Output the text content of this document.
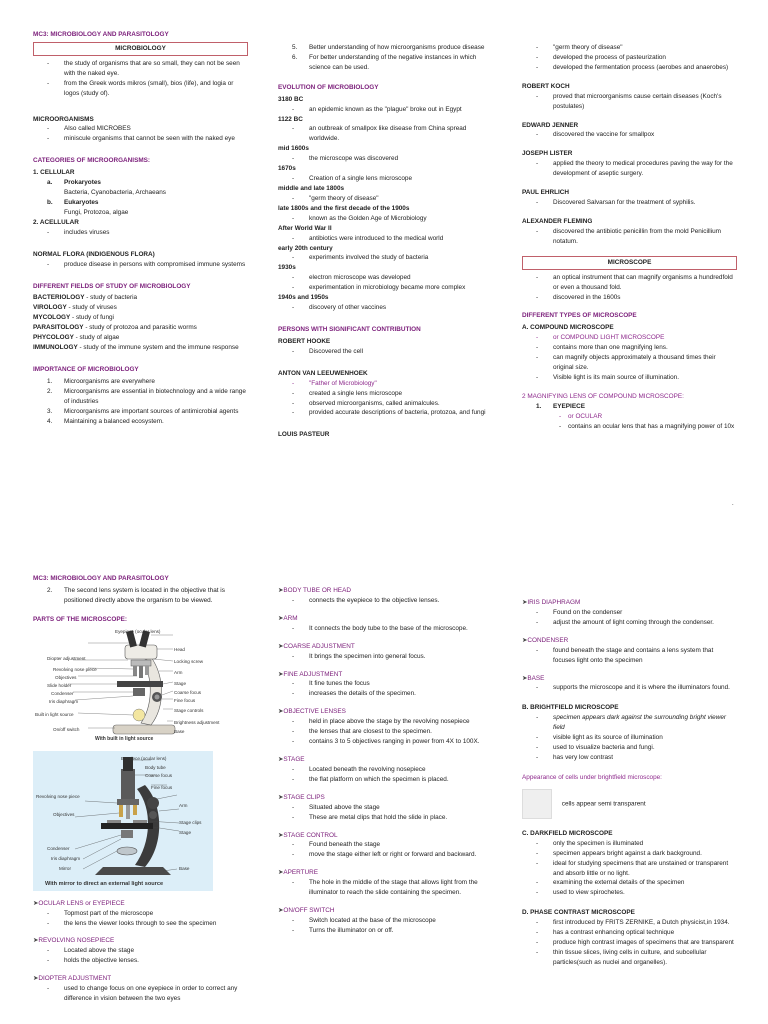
MC3: MICROBIOLOGY AND PARASITOLOGY
MICROBIOLOGY
- the study of organisms that are so small, they can not be seen with the naked eye.
- from the Greek words mikros (small), bios (life), and logia or logos (study of).
MICROORGANISMS
- Also called MICROBES
- miniscule organisms that cannot be seen with the naked eye
CATEGORIES OF MICROORGANISMS:
1. CELLULAR
a. Prokaryotes
Bacteria, Cyanobacteria, Archaeans
b. Eukaryotes
Fungi, Protozoa, algae
2. ACELLULAR
- includes viruses
NORMAL FLORA (INDIGENOUS FLORA)
- produce disease in persons with compromised immune systems
DIFFERENT FIELDS OF STUDY OF MICROBIOLOGY
BACTERIOLOGY - study of bacteria
VIROLOGY - study of viruses
MYCOLOGY - study of fungi
PARASITOLOGY - study of protozoa and parasitic worms
PHYCOLOGY - study of algae
IMMUNOLOGY - study of the immune system and the immune response
IMPORTANCE OF MICROBIOLOGY
1. Microorganisms are everywhere
2. Microorganisms are essential in biotechnology and a wide range of industries
3. Microorganisms are important sources of antimicrobial agents
4. Maintaining a balanced ecosystem.
5. Better understanding of how microorganisms produce disease
6. For better understanding of the negative instances in which science can be used.
EVOLUTION OF MICROBIOLOGY
3180 BC
- an epidemic known as the "plague" broke out in Egypt
1122 BC
- an outbreak of smallpox like disease from China spread worldwide.
mid 1600s
- the microscope was discovered
1670s
- Creation of a single lens microscope
middle and late 1800s
- "germ theory of disease"
late 1800s and the first decade of the 1900s
- known as the Golden Age of Microbiology
After World War II
- antibiotics were introduced to the medical world
early 20th century
- experiments involved the study of bacteria
1930s
- electron microscope was developed
- experimentation in microbiology became more complex
1940s and 1950s
- discovery of other vaccines
PERSONS WITH SIGNIFICANT CONTRIBUTION
ROBERT HOOKE
- Discovered the cell
ANTON VAN LEEUWENHOEK
- "Father of Microbiology"
- created a single lens microscope
- observed microorganisms, called animalcules.
- provided accurate descriptions of bacteria, protozoa, and fungi
LOUIS PASTEUR
- "germ theory of disease"
- developed the process of pasteurization
- developed the fermentation process (aerobes and anaerobes)
ROBERT KOCH
- proved that microorganisms cause certain diseases (Koch's postulates)
EDWARD JENNER
- discovered the vaccine for smallpox
JOSEPH LISTER
- applied the theory to medical procedures paving the way for the development of aseptic surgery.
PAUL EHRLICH
- Discovered Salvarsan for the treatment of syphilis.
ALEXANDER FLEMING
- discovered the antibiotic penicillin from the mold Penicillium notatum.
MICROSCOPE
- an optical instrument that can magnify organisms a hundredfold or even a thousand fold.
- discovered in the 1600s
DIFFERENT TYPES OF MICROSCOPE
A. COMPOUND MICROSCOPE
- or COMPOUND LIGHT MICROSCOPE
- contains more than one magnifying lens.
- can magnify objects approximately a thousand times their original size.
- Visible light is its main source of illumination.
2 MAGNIFYING LENS OF COMPOUND MICROSCOPE:
1. EYEPIECE
- or OCULAR
- contains an ocular lens that has a magnifying power of 10x
.
MC3: MICROBIOLOGY AND PARASITOLOGY
2. The second lens system is located in the objective that is positioned directly above the organism to be viewed.
PARTS OF THE MICROSCOPE:
Eyepiece (ocular lens)
Head
Diopter adjustment
Locking screw
Revolving nose piece
Arm
Objectives
Stage
Slide holder
Coarse focus
Condenser
Fine focus
Iris diaphragm
Stage controls
Built in light source
Brightness adjustment
On/off switch	Base
With built in light source
Eyepiece (ocular lens)
Body tube
Coarse focus
Fine focus
Revolving nose piece
Arm
Objectives
Stage clips
Stage
Condenser
Iris diaphragm
Mirror	Base
With mirror to direct an external light source
➤ OCULAR LENS or EYEPIECE
- Topmost part of the microscope
- the lens the viewer looks through to see the specimen
➤ REVOLVING NOSEPIECE
- Located above the stage
- holds the objective lenses.
➤ DIOPTER ADJUSTMENT
- used to change focus on one eyepiece in order to correct any difference in vision between the two eyes
➤ BODY TUBE OR HEAD
- connects the eyepiece to the objective lenses.
➤ ARM
- It connects the body tube to the base of the microscope.
➤ COARSE ADJUSTMENT
- It brings the specimen into general focus.
➤ FINE ADJUSTMENT
- It fine tunes the focus
- increases the details of the specimen.
➤ OBJECTIVE LENSES
- held in place above the stage by the revolving nosepiece
- the lenses that are closest to the specimen.
- contains 3 to 5 objectives ranging in power from 4X to 100X.
➤ STAGE
- Located beneath the revolving nosepiece
- the flat platform on which the specimen is placed.
➤ STAGE CLIPS
- Situated above the stage
- These are metal clips that hold the slide in place.
➤ STAGE CONTROL
- Found beneath the stage
- move the stage either left or right or forward and backward.
➤ APERTURE
- The hole in the middle of the stage that allows light from the illuminator to reach the slide containing the specimen.
➤ ON/OFF SWITCH
- Switch located at the base of the microscope
- Turns the illuminator on or off.
➤ IRIS DIAPHRAGM
- Found on the condenser
- adjust the amount of light coming through the condenser.
➤ CONDENSER
- found beneath the stage and contains a lens system that focuses light onto the specimen
➤ BASE
- supports the microscope and it is where the illuminators found.
B. BRIGHTFIELD MICROSCOPE
- specimen appears dark against the surrounding bright viewer field
- visible light as its source of illumination
- used to visualize bacteria and fungi.
- has very low contrast
Appearance of cells under brightfield microscope:
cells appear semi transparent
C. DARKFIELD MICROSCOPE
- only the specimen is illuminated
- specimen appears bright against a dark background.
- ideal for studying specimens that are unstained or transparent and absorb little or no light.
- examining the external details of the specimen
- used to view spirochetes.
D. PHASE CONTRAST MICROSCOPE
- first introduced by FRITS ZERNIKE, a Dutch physicist,in 1934.
- has a contrast enhancing optical technique
- produce high contrast images of specimens that are transparent
- thin tissue slices, living cells in culture, and subcellular particles(such as nuclei and organelles).
